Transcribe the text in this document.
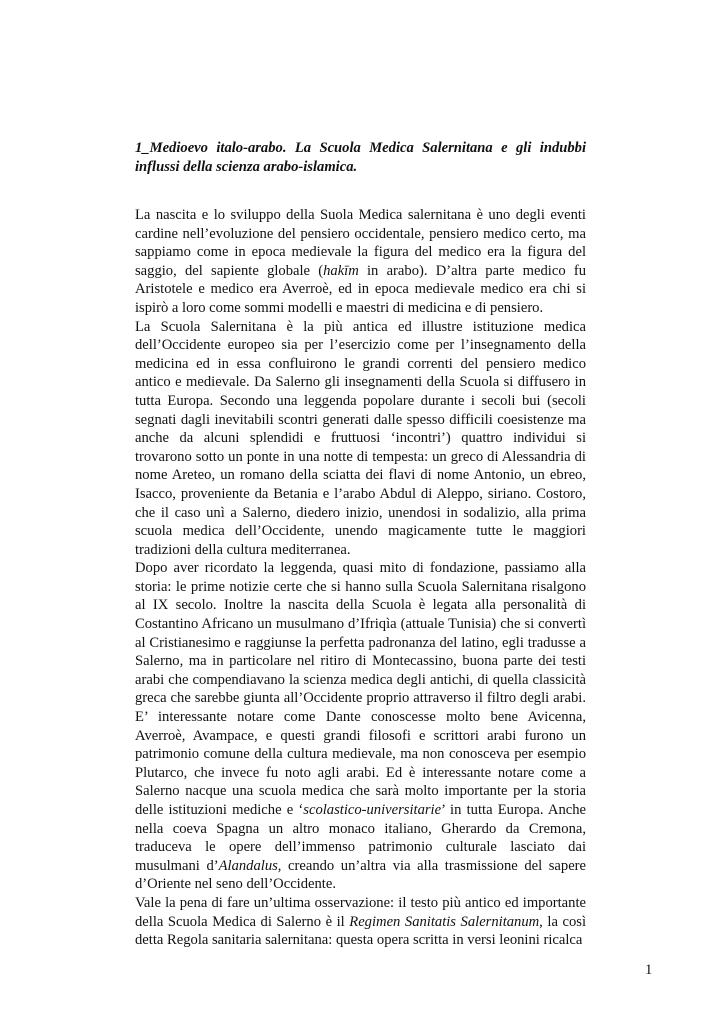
1_Medioevo italo-arabo. La Scuola Medica Salernitana e gli indubbi
influssi della scienza arabo-islamica.

La nascita e lo sviluppo della Suola Medica salernitana è uno degli eventi
cardine nell’evoluzione del pensiero occidentale, pensiero medico certo, ma
sappiamo come in epoca medievale la figura del medico era la figura del
saggio, del sapiente globale (hakīm in arabo). D’altra parte medico fu
Aristotele e medico era Averroè, ed in epoca medievale medico era chi si
ispirò a loro come sommi modelli e maestri di medicina e di pensiero.
La Scuola Salernitana è la più antica ed illustre istituzione medica
dell’Occidente europeo sia per l’esercizio come per l’insegnamento della
medicina ed in essa confluirono le grandi correnti del pensiero medico
antico e medievale. Da Salerno gli insegnamenti della Scuola si diffusero in
tutta Europa. Secondo una leggenda popolare durante i secoli bui (secoli
segnati dagli inevitabili scontri generati dalle spesso difficili coesistenze ma
anche da alcuni splendidi e fruttuosi ‘incontri’) quattro individui si
trovarono sotto un ponte in una notte di tempesta: un greco di Alessandria di
nome Areteo, un romano della sciatta dei flavi di nome Antonio, un ebreo,
Isacco, proveniente da Betania e l’arabo Abdul di Aleppo, siriano. Costoro,
che il caso unì a Salerno, diedero inizio, unendosi in sodalizio, alla prima
scuola medica dell’Occidente, unendo magicamente tutte le maggiori
tradizioni della cultura mediterranea.
Dopo aver ricordato la leggenda, quasi mito di fondazione, passiamo alla
storia: le prime notizie certe che si hanno sulla Scuola Salernitana risalgono
al IX secolo. Inoltre la nascita della Scuola è legata alla personalità di
Costantino Africano un musulmano d’Ifriqìa (attuale Tunisia) che si convertì
al Cristianesimo e raggiunse la perfetta padronanza del latino, egli tradusse a
Salerno, ma in particolare nel ritiro di Montecassino, buona parte dei testi
arabi che compendiavano la scienza medica degli antichi, di quella classicità
greca che sarebbe giunta all’Occidente proprio attraverso il filtro degli arabi.
E’ interessante notare come Dante conoscesse molto bene Avicenna,
Averroè, Avampace, e questi grandi filosofi e scrittori arabi furono un
patrimonio comune della cultura medievale, ma non conosceva per esempio
Plutarco, che invece fu noto agli arabi. Ed è interessante notare come a
Salerno nacque una scuola medica che sarà molto importante per la storia
delle istituzioni mediche e ‘scolastico-universitarie’ in tutta Europa. Anche
nella coeva Spagna un altro monaco italiano, Gherardo da Cremona,
traduceva le opere dell’immenso patrimonio culturale lasciato dai
musulmani d’Alandalus, creando un’altra via alla trasmissione del sapere
d’Oriente nel seno dell’Occidente.
Vale la pena di fare un’ultima osservazione: il testo più antico ed importante
della Scuola Medica di Salerno è il Regimen Sanitatis Salernitanum, la così
detta Regola sanitaria salernitana: questa opera scritta in versi leonini ricalca
1
